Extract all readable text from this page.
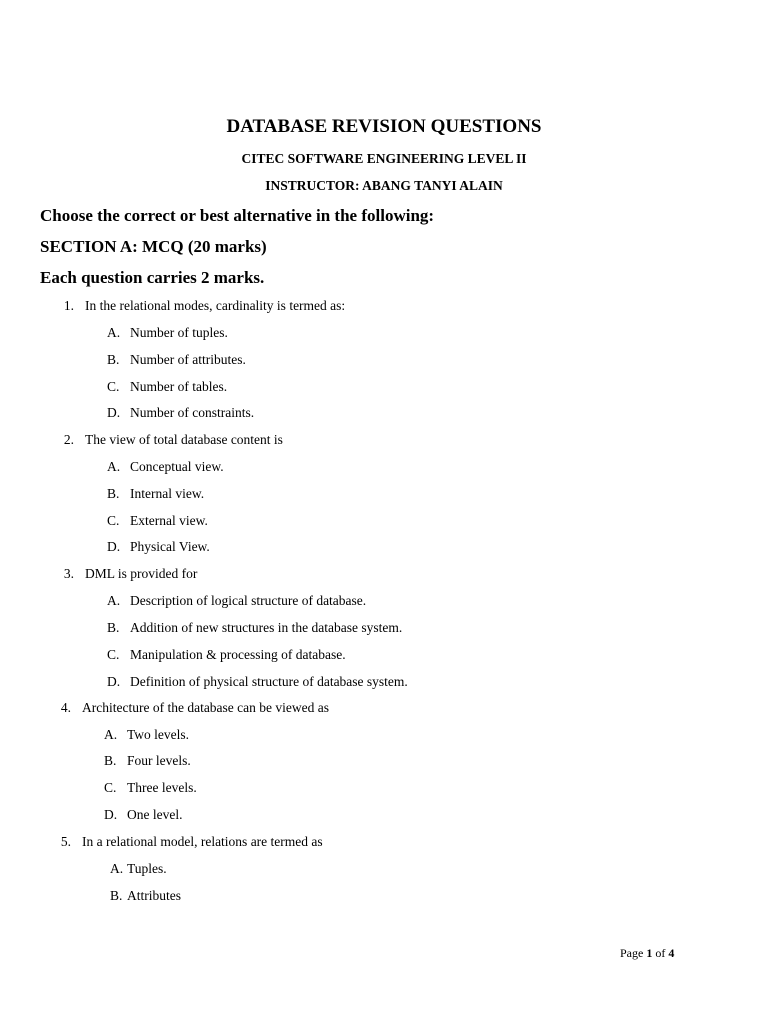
DATABASE REVISION QUESTIONS
CITEC SOFTWARE ENGINEERING LEVEL II
INSTRUCTOR: ABANG TANYI ALAIN
Choose the correct or best alternative in the following:
SECTION A: MCQ (20 marks)
Each question carries 2 marks.
1. In the relational modes, cardinality is termed as:
A. Number of tuples.
B. Number of attributes.
C. Number of tables.
D. Number of constraints.
2. The view of total database content is
A. Conceptual view.
B. Internal view.
C. External view.
D. Physical View.
3. DML is provided for
A. Description of logical structure of database.
B. Addition of new structures in the database system.
C. Manipulation & processing of database.
D. Definition of physical structure of database system.
4. Architecture of the database can be viewed as
A. Two levels.
B. Four levels.
C. Three levels.
D. One level.
5. In a relational model, relations are termed as
A. Tuples.
B. Attributes
Page 1 of 4
